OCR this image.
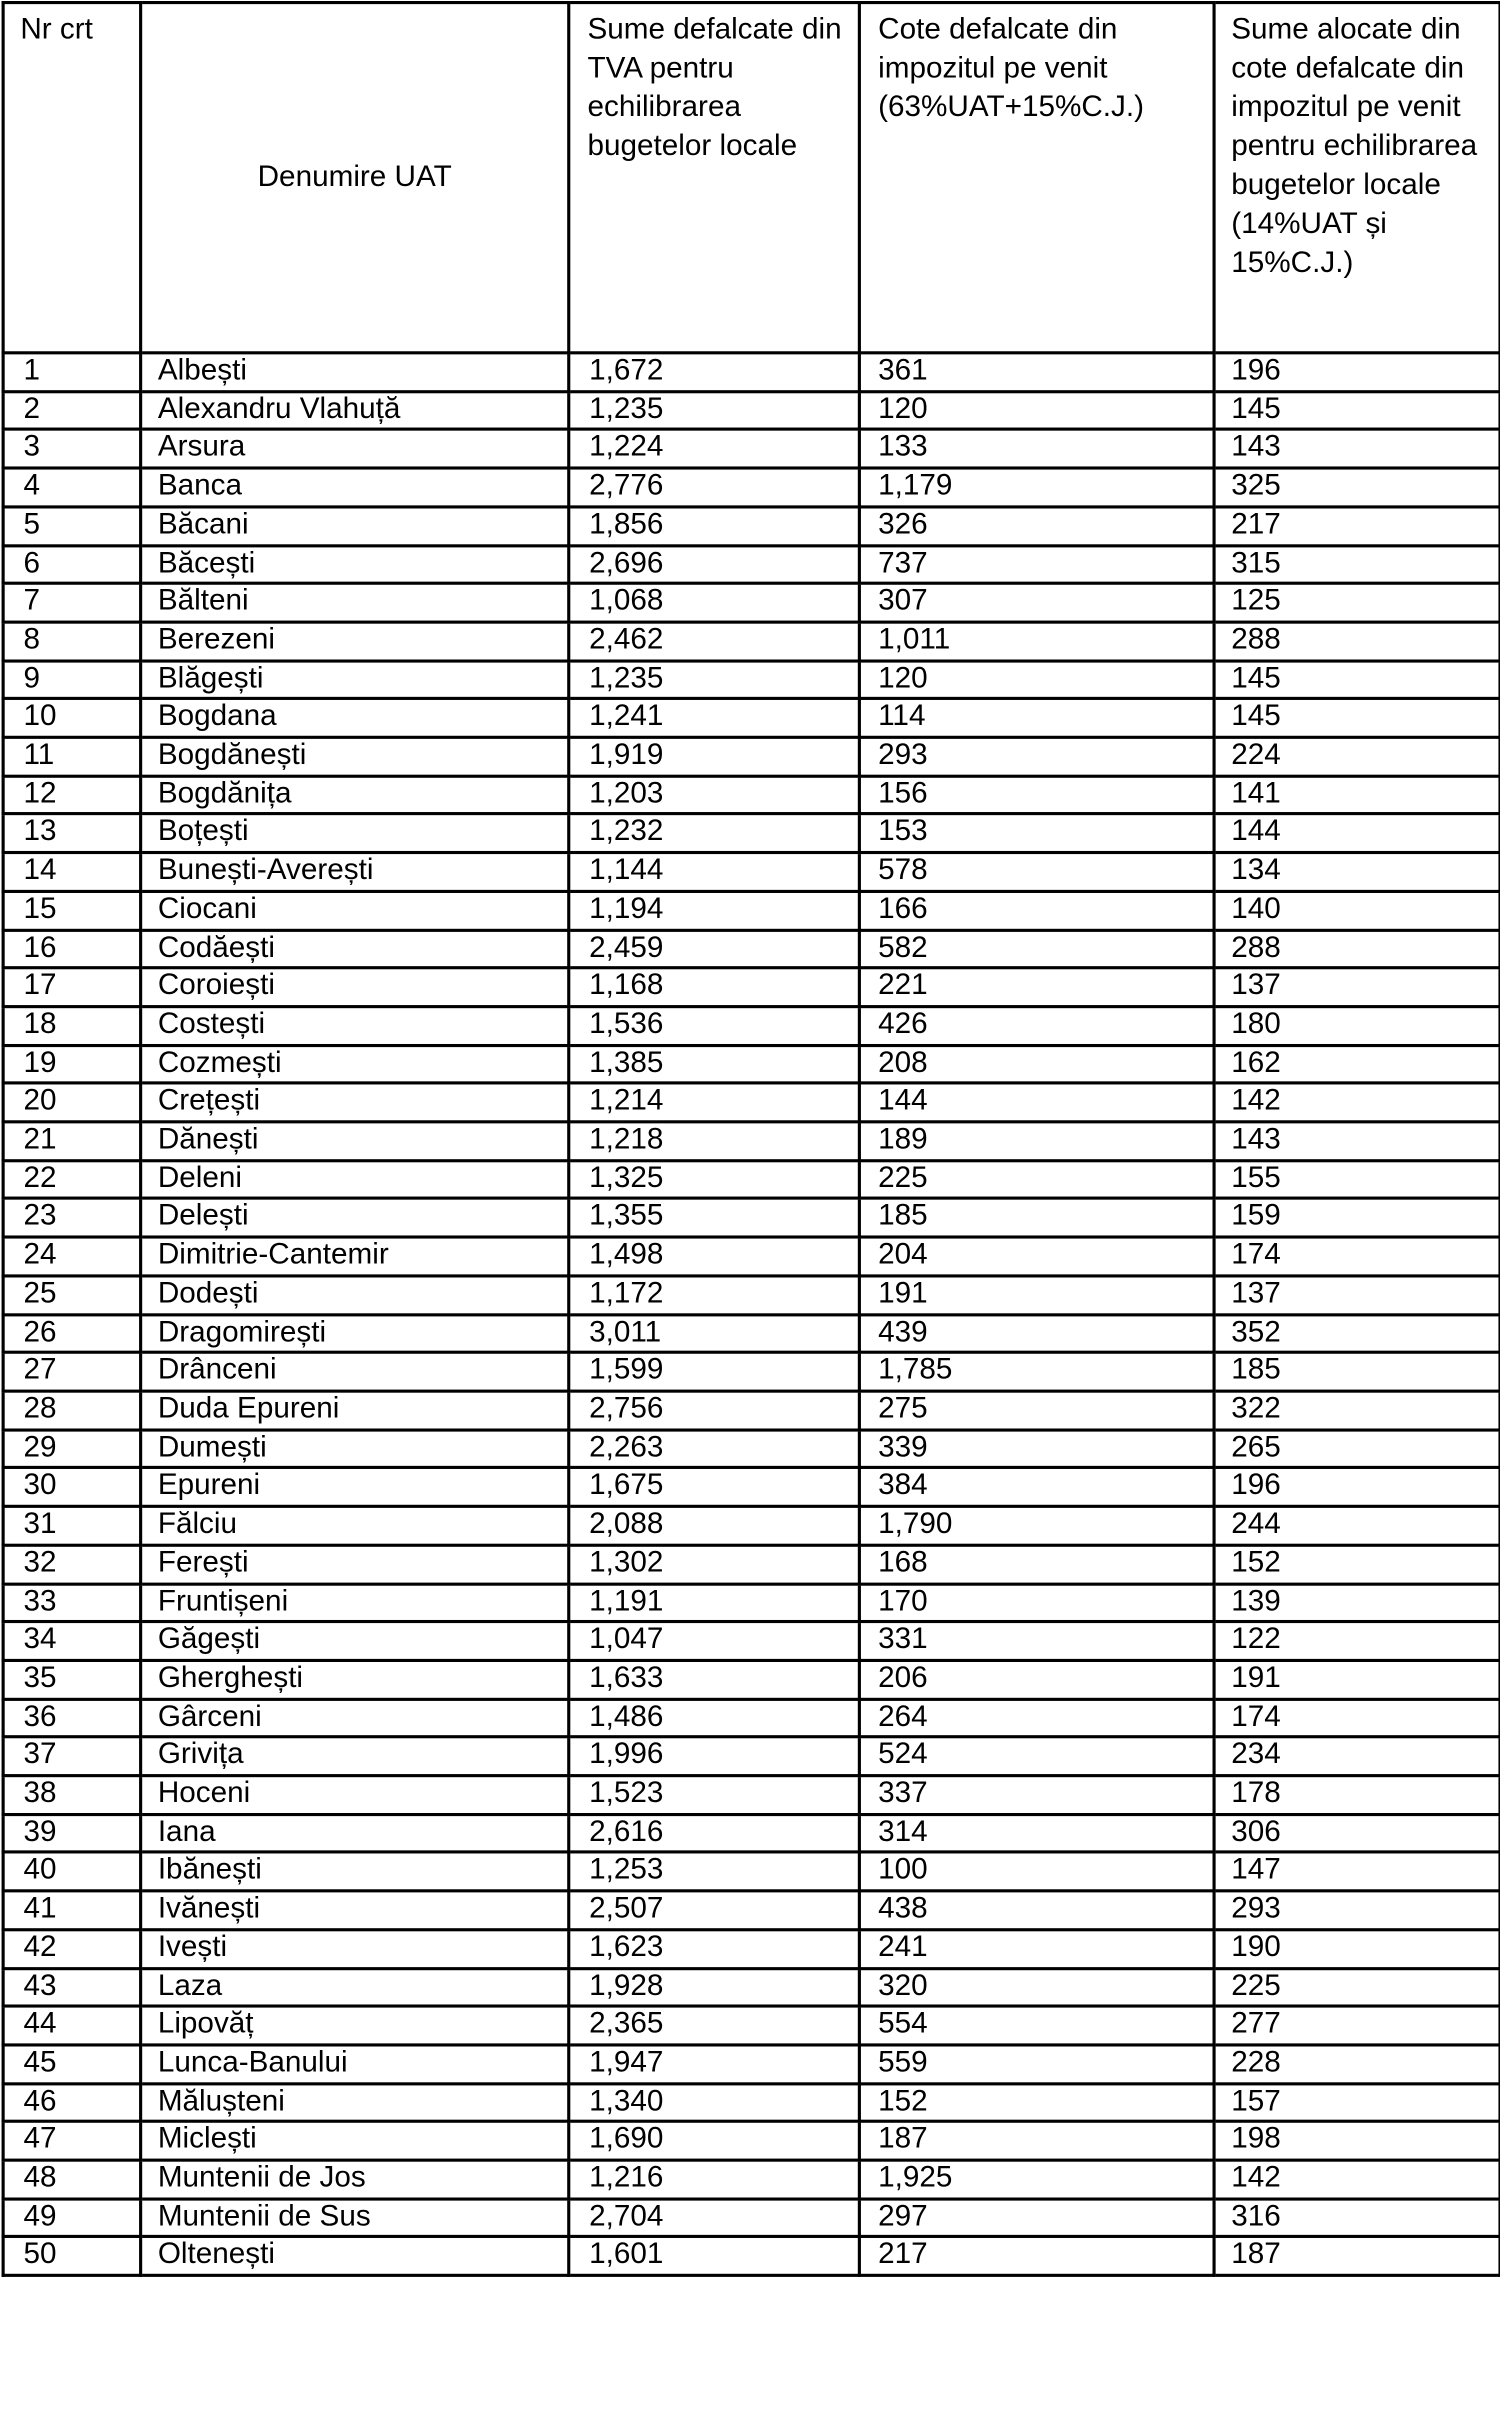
Nr crt	Denumire UAT	Sume defalcate din TVA pentru echilibrarea bugetelor locale	Cote defalcate din impozitul pe venit (63%UAT+15%C.J.)	Sume alocate din cote defalcate din impozitul pe venit pentru echilibrarea bugetelor locale (14%UAT și 15%C.J.)
1	Albești	1,672	361	196
2	Alexandru Vlahuță	1,235	120	145
3	Arsura	1,224	133	143
4	Banca	2,776	1,179	325
5	Băcani	1,856	326	217
6	Băcești	2,696	737	315
7	Bălteni	1,068	307	125
8	Berezeni	2,462	1,011	288
9	Blăgești	1,235	120	145
10	Bogdana	1,241	114	145
11	Bogdănești	1,919	293	224
12	Bogdănița	1,203	156	141
13	Boțești	1,232	153	144
14	Bunești-Averești	1,144	578	134
15	Ciocani	1,194	166	140
16	Codăești	2,459	582	288
17	Coroiești	1,168	221	137
18	Costești	1,536	426	180
19	Cozmești	1,385	208	162
20	Crețești	1,214	144	142
21	Dănești	1,218	189	143
22	Deleni	1,325	225	155
23	Delești	1,355	185	159
24	Dimitrie-Cantemir	1,498	204	174
25	Dodești	1,172	191	137
26	Dragomirești	3,011	439	352
27	Drânceni	1,599	1,785	185
28	Duda Epureni	2,756	275	322
29	Dumești	2,263	339	265
30	Epureni	1,675	384	196
31	Fălciu	2,088	1,790	244
32	Ferești	1,302	168	152
33	Fruntișeni	1,191	170	139
34	Găgești	1,047	331	122
35	Gherghești	1,633	206	191
36	Gârceni	1,486	264	174
37	Grivița	1,996	524	234
38	Hoceni	1,523	337	178
39	Iana	2,616	314	306
40	Ibănești	1,253	100	147
41	Ivănești	2,507	438	293
42	Ivești	1,623	241	190
43	Laza	1,928	320	225
44	Lipovăț	2,365	554	277
45	Lunca-Banului	1,947	559	228
46	Mălușteni	1,340	152	157
47	Miclești	1,690	187	198
48	Muntenii de Jos	1,216	1,925	142
49	Muntenii de Sus	2,704	297	316
50	Oltenești	1,601	217	187
